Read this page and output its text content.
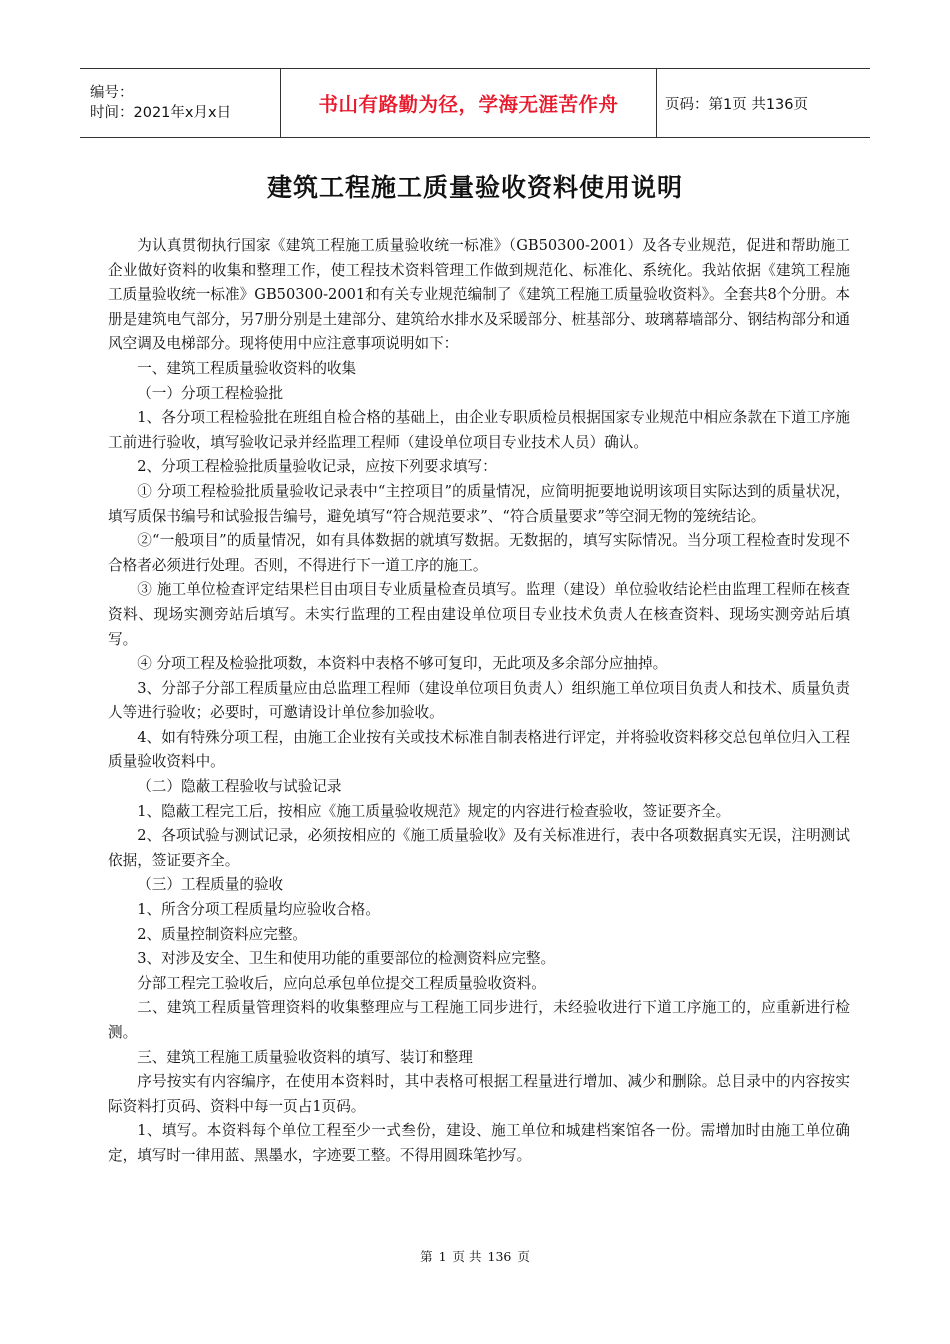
编号：
时间：2021年x月x日	书山有路勤为径，学海无涯苦作舟	页码：第1页 共136页
建筑工程施工质量验收资料使用说明

为认真贯彻执行国家《建筑工程施工质量验收统一标准》（GB50300-2001）及各专业规范，促进和帮助施工企业做好资料的收集和整理工作，使工程技术资料管理工作做到规范化、标准化、系统化。我站依据《建筑工程施工质量验收统一标准》GB50300-2001和有关专业规范编制了《建筑工程施工质量验收资料》。全套共8个分册。本册是建筑电气部分，另7册分别是土建部分、建筑给水排水及采暖部分、桩基部分、玻璃幕墙部分、钢结构部分和通风空调及电梯部分。现将使用中应注意事项说明如下：

一、建筑工程质量验收资料的收集

（一）分项工程检验批

1、各分项工程检验批在班组自检合格的基础上，由企业专职质检员根据国家专业规范中相应条款在下道工序施工前进行验收，填写验收记录并经监理工程师（建设单位项目专业技术人员）确认。

2、分项工程检验批质量验收记录，应按下列要求填写：

① 分项工程检验批质量验收记录表中“主控项目”的质量情况，应简明扼要地说明该项目实际达到的质量状况，填写质保书编号和试验报告编号，避免填写“符合规范要求”、“符合质量要求”等空洞无物的笼统结论。

②“一般项目”的质量情况，如有具体数据的就填写数据。无数据的，填写实际情况。当分项工程检查时发现不合格者必须进行处理。否则，不得进行下一道工序的施工。

③ 施工单位检查评定结果栏目由项目专业质量检查员填写。监理（建设）单位验收结论栏由监理工程师在核查资料、现场实测旁站后填写。未实行监理的工程由建设单位项目专业技术负责人在核查资料、现场实测旁站后填写。

④ 分项工程及检验批项数，本资料中表格不够可复印，无此项及多余部分应抽掉。

3、分部子分部工程质量应由总监理工程师（建设单位项目负责人）组织施工单位项目负责人和技术、质量负责人等进行验收；必要时，可邀请设计单位参加验收。

4、如有特殊分项工程，由施工企业按有关或技术标准自制表格进行评定，并将验收资料移交总包单位归入工程质量验收资料中。

（二）隐蔽工程验收与试验记录

1、隐蔽工程完工后，按相应《施工质量验收规范》规定的内容进行检查验收，签证要齐全。

2、各项试验与测试记录，必须按相应的《施工质量验收》及有关标准进行，表中各项数据真实无误，注明测试依据，签证要齐全。

（三）工程质量的验收

1、所含分项工程质量均应验收合格。

2、质量控制资料应完整。

3、对涉及安全、卫生和使用功能的重要部位的检测资料应完整。

分部工程完工验收后，应向总承包单位提交工程质量验收资料。

二、建筑工程质量管理资料的收集整理应与工程施工同步进行，未经验收进行下道工序施工的，应重新进行检测。

三、建筑工程施工质量验收资料的填写、装订和整理

序号按实有内容编序，在使用本资料时，其中表格可根据工程量进行增加、减少和删除。总目录中的内容按实际资料打页码、资料中每一页占1页码。

1、填写。本资料每个单位工程至少一式叁份，建设、施工单位和城建档案馆各一份。需增加时由施工单位确定，填写时一律用蓝、黑墨水，字迹要工整。不得用圆珠笔抄写。

第 1 页 共 136 页
